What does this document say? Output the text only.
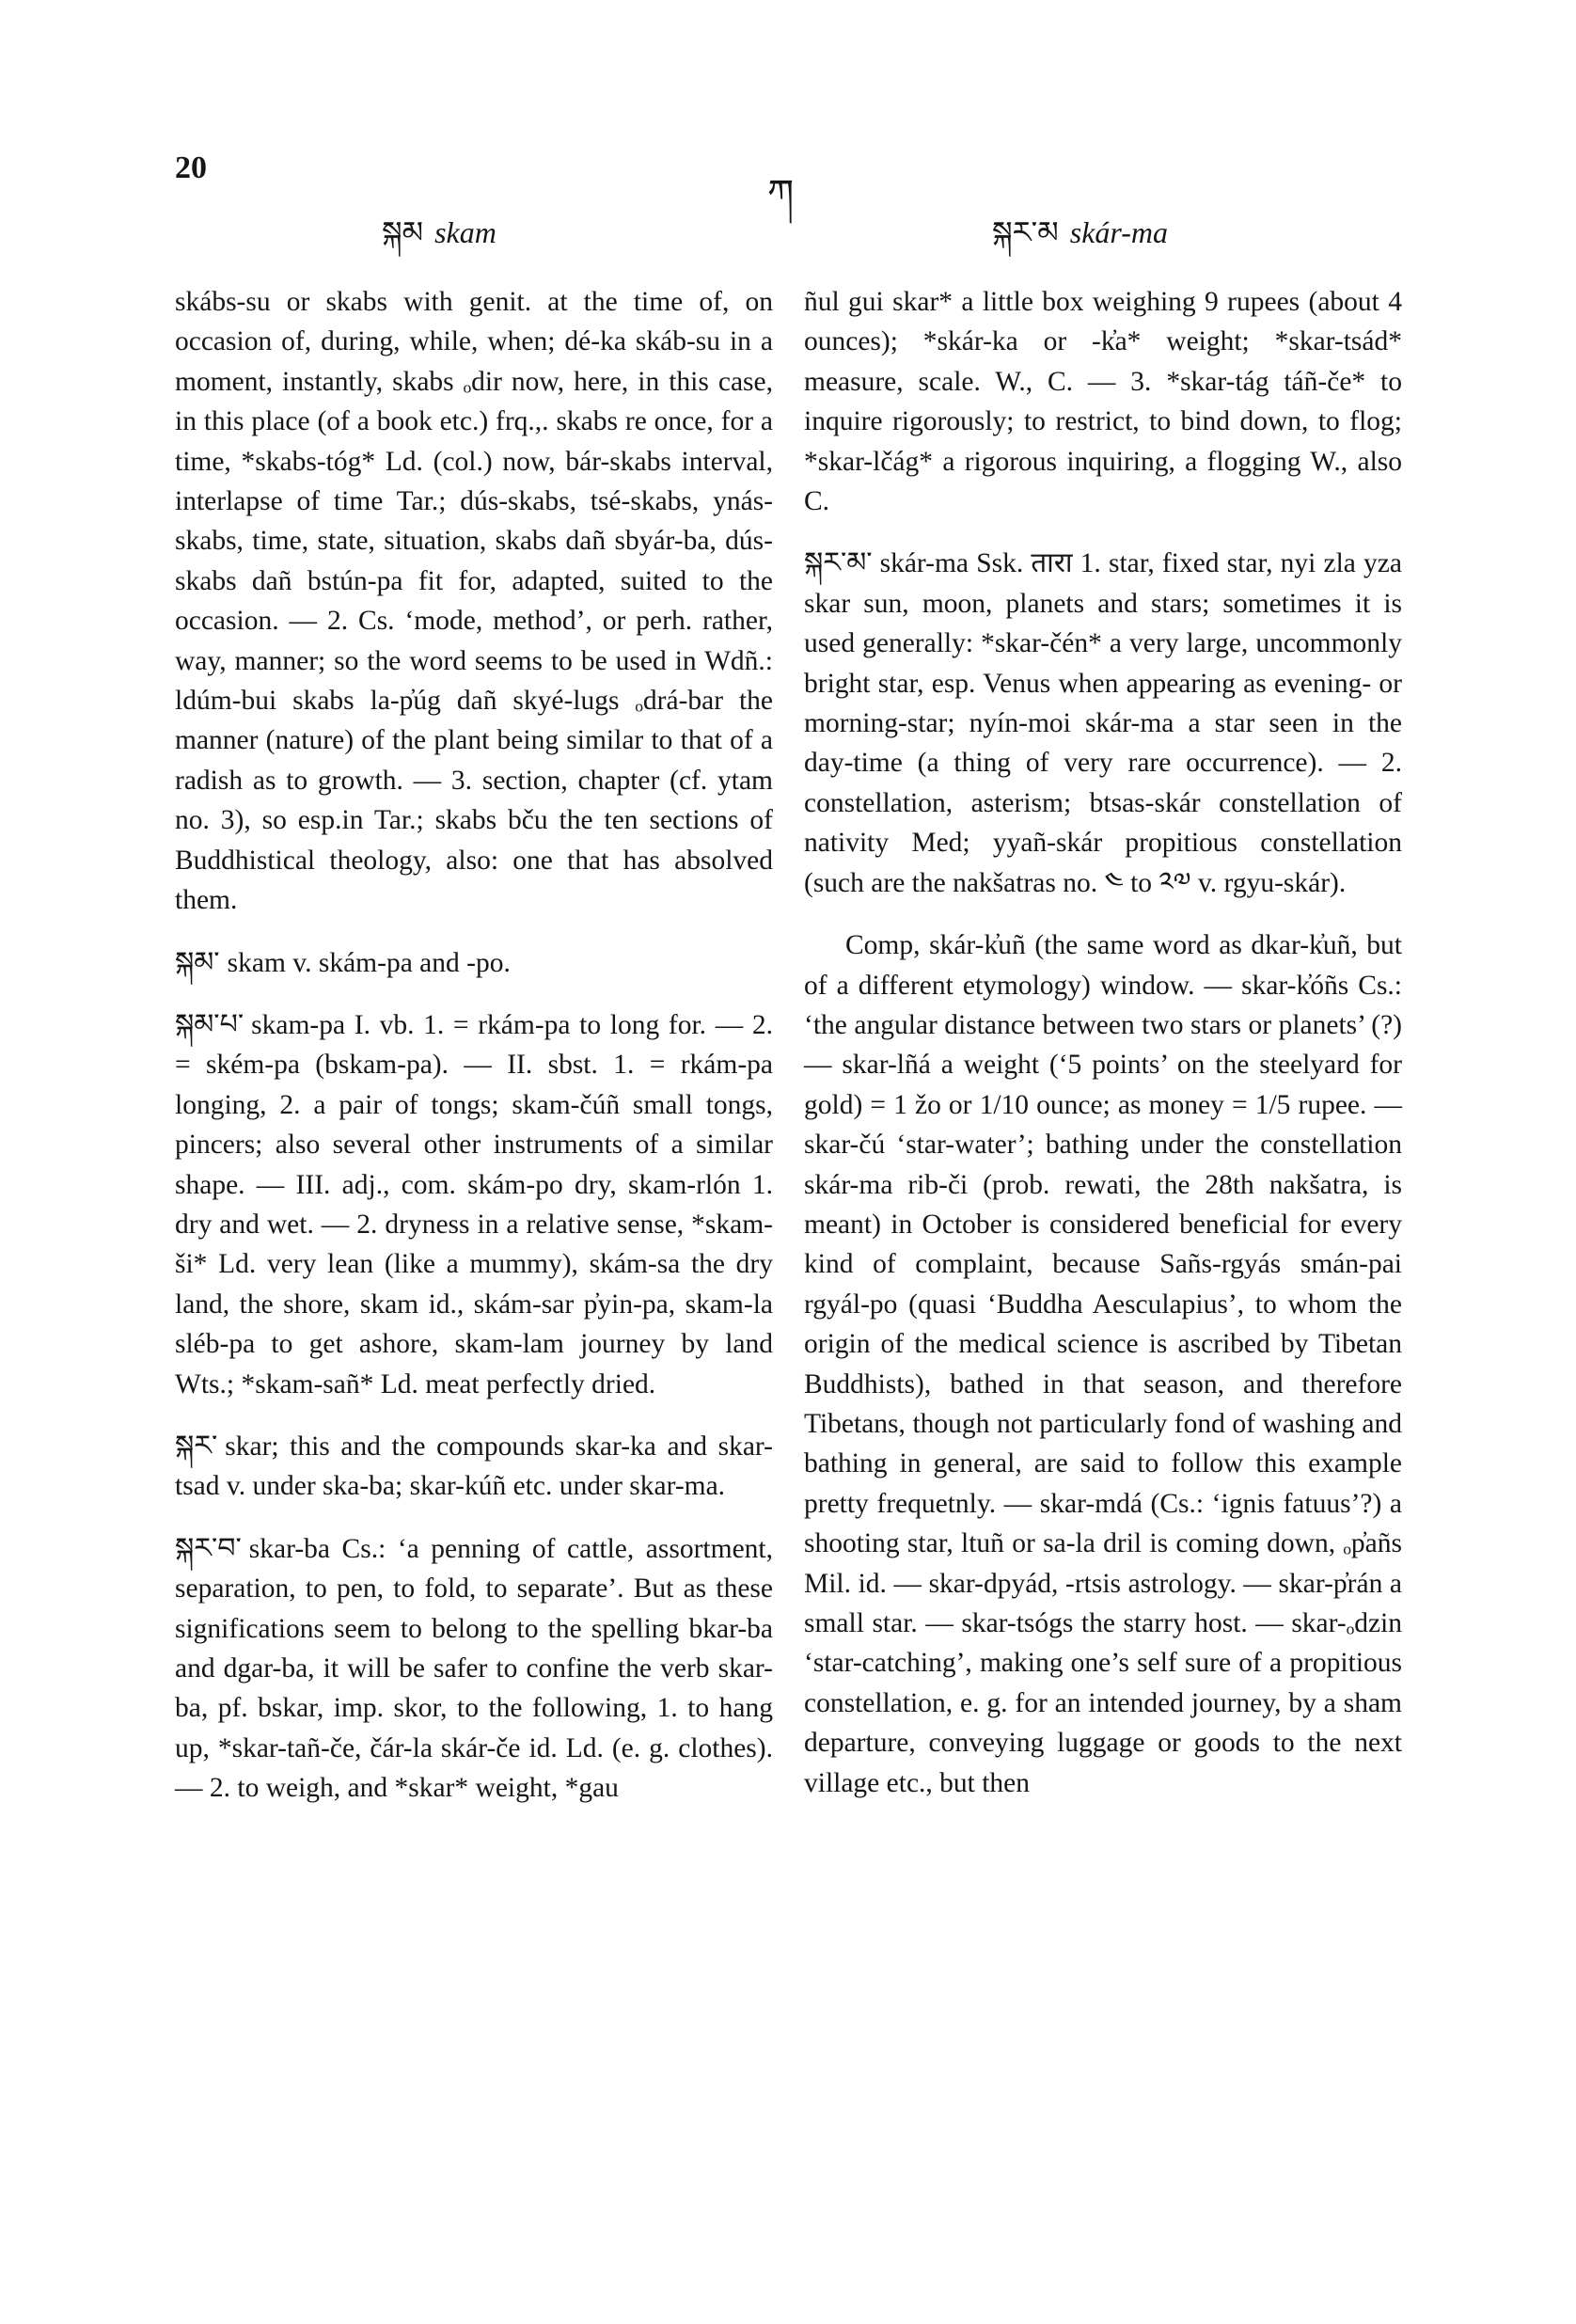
20
སྐམ skam
ཀ
སྐར་མ skár-ma

skábs-su or skabs with genit. at the time of, on occasion of, during, while, when; dé-ka skáb-su in a moment, instantly, skabs ₒdir now, here, in this case, in this place (of a book etc.) frq.,. skabs re once, for a time, *skabs-tóg* Ld. (col.) now, bár-skabs interval, interlapse of time Tar.; dús-skabs, tsé-skabs, ynás-skabs, time, state, situation, skabs dañ sbyár-ba, dús-skabs dañ bstún-pa fit for, adapted, suited to the occasion. — 2. Cs. ‘mode, method’, or perh. rather, way, manner; so the word seems to be used in Wdñ.: ldúm-bui skabs la-p̓úg dañ skyé-lugs ₒdrá-bar the manner (nature) of the plant being similar to that of a radish as to growth. — 3. section, chapter (cf. ytam no. 3), so esp.in Tar.; skabs bču the ten sections of Buddhistical theology, also: one that has absolved them.

སྐམ་ skam v. skám-pa and -po.

སྐམ་པ་ skam-pa I. vb. 1. = rkám-pa to long for. — 2. = ském-pa (bskam-pa). — II. sbst. 1. = rkám-pa longing, 2. a pair of tongs; skam-čúñ small tongs, pincers; also several other instruments of a similar shape. — III. adj., com. skám-po dry, skam-rlón 1. dry and wet. — 2. dryness in a relative sense, *skam-ši* Ld. very lean (like a mummy), skám-sa the dry land, the shore, skam id., skám-sar p̓yin-pa, skam-la sléb-pa to get ashore, skam-lam journey by land Wts.; *skam-sañ* Ld. meat perfectly dried.

སྐར་ skar; this and the compounds skar-ka and skar-tsad v. under ska-ba; skar-kúñ etc. under skar-ma.

སྐར་བ་ skar-ba Cs.: ‘a penning of cattle, assortment, separation, to pen, to fold, to separate’. But as these significations seem to belong to the spelling bkar-ba and dgar-ba, it will be safer to confine the verb skar-ba, pf. bskar, imp. skor, to the following, 1. to hang up, *skar-tañ-če, čár-la skár-če id. Ld. (e. g. clothes). — 2. to weigh, and *skar* weight, *gau

ñul gui skar* a little box weighing 9 rupees (about 4 ounces); *skár-ka or -k̓a* weight; *skar-tsád* measure, scale. W., C. — 3. *skar-tág táñ-če* to inquire rigorously; to restrict, to bind down, to flog; *skar-lčág* a rigorous inquiring, a flogging W., also C.

སྐར་མ་ skár-ma Ssk. तारा 1. star, fixed star, nyi zla yza skar sun, moon, planets and stars; sometimes it is used generally: *skar-čén* a very large, uncommonly bright star, esp. Venus when appearing as evening- or morning-star; nyín-moi skár-ma a star seen in the day-time (a thing of very rare occurrence). — 2. constellation, asterism; btsas-skár constellation of nativity Med; yyañ-skár propitious constellation (such are the nakšatras no. ༤ to ༢༧ v. rgyu-skár).

Comp, skár-k̓uñ (the same word as dkar-k̓uñ, but of a different etymology) window. — skar-k̓óñs Cs.: ‘the angular distance between two stars or planets’ (?) — skar-lñá a weight (‘5 points’ on the steelyard for gold) = 1 žo or 1/10 ounce; as money = 1/5 rupee. — skar-čú ‘star-water’; bathing under the constellation skár-ma rib-či (prob. rewati, the 28th nakšatra, is meant) in October is considered beneficial for every kind of complaint, because Sañs-rgyás smán-pai rgyál-po (quasi ‘Buddha Aesculapius’, to whom the origin of the medical science is ascribed by Tibetan Buddhists), bathed in that season, and therefore Tibetans, though not particularly fond of washing and bathing in general, are said to follow this example pretty frequetnly. — skar-mdá (Cs.: ‘ignis fatuus’?) a shooting star, ltuñ or sa-la dril is coming down, ₒp̓añs Mil. id. — skar-dpyád, -rtsis astrology. — skar-p̓rán a small star. — skar-tsógs the starry host. — skar-ₒdzin ‘star-catching’, making one’s self sure of a propitious constellation, e. g. for an intended journey, by a sham departure, conveying luggage or goods to the next village etc., but then
